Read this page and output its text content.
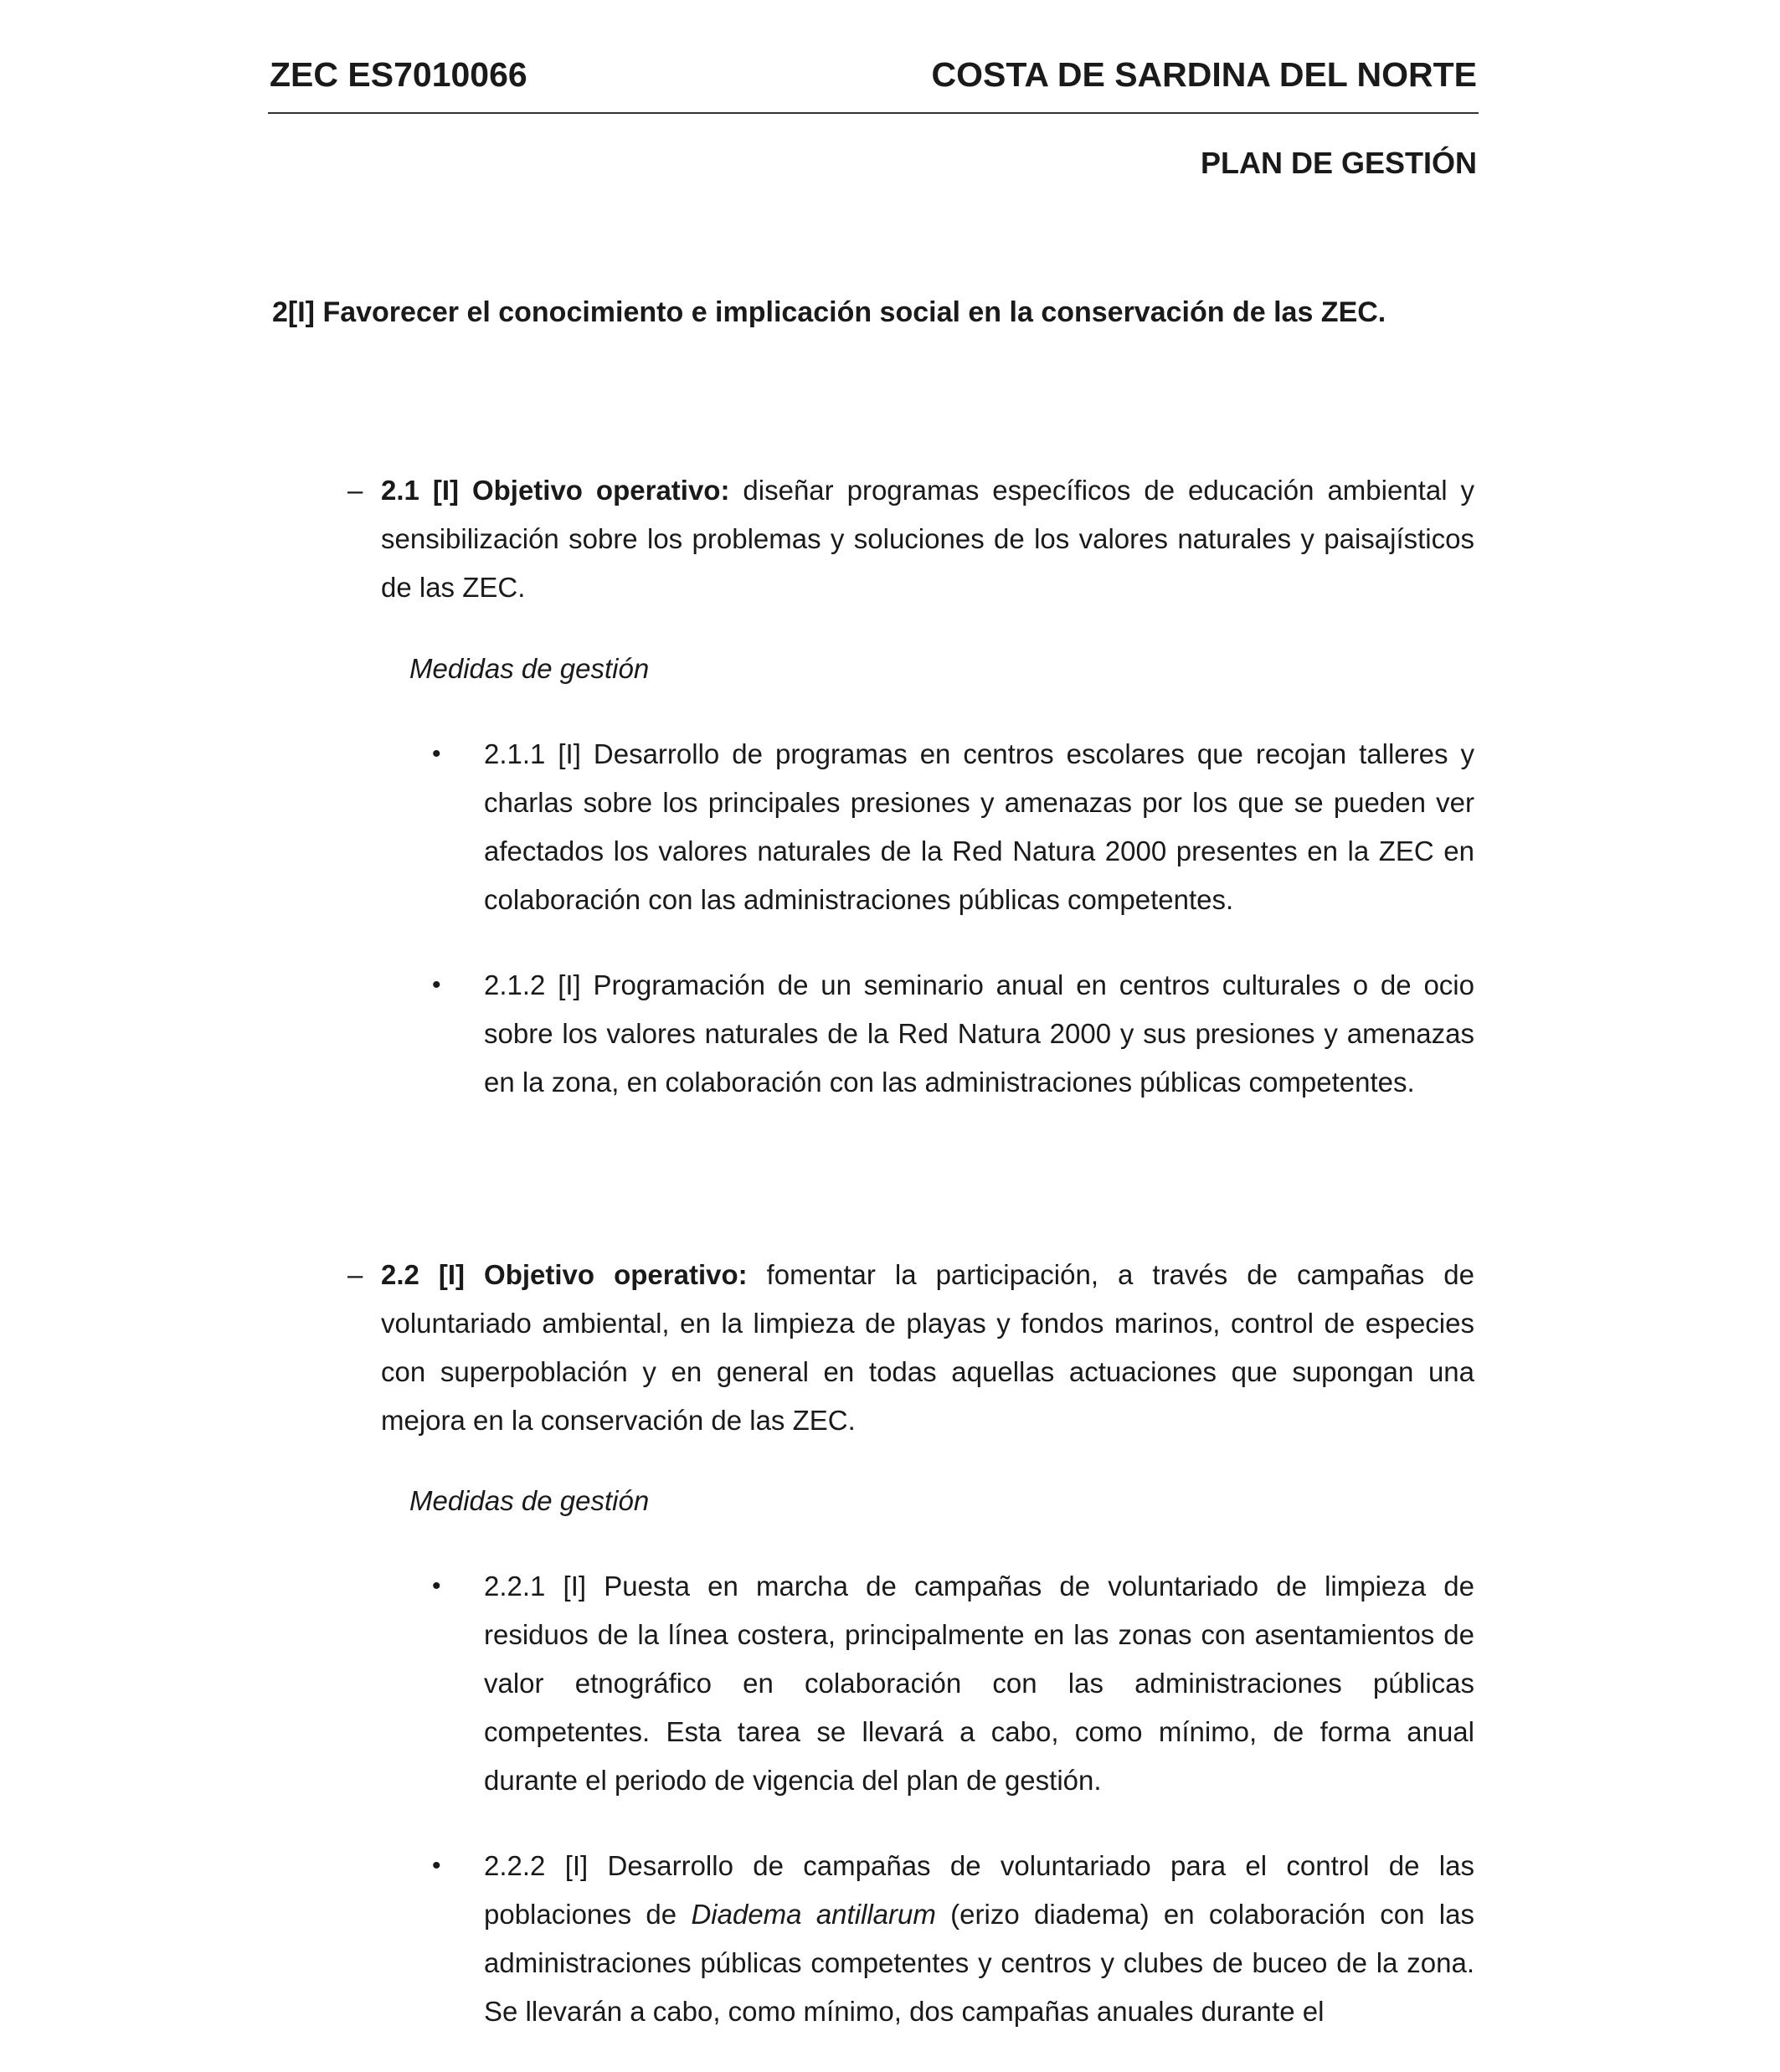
ZEC ES7010066	COSTA DE SARDINA DEL NORTE
PLAN DE GESTIÓN
2[I] Favorecer el conocimiento e implicación social en la conservación de las ZEC.
– 2.1 [I] Objetivo operativo: diseñar programas específicos de educación ambiental y sensibilización sobre los problemas y soluciones de los valores naturales y paisajísticos de las ZEC.
Medidas de gestión
• 2.1.1 [I] Desarrollo de programas en centros escolares que recojan talleres y charlas sobre los principales presiones y amenazas por los que se pueden ver afectados los valores naturales de la Red Natura 2000 presentes en la ZEC en colaboración con las administraciones públicas competentes.
• 2.1.2 [I] Programación de un seminario anual en centros culturales o de ocio sobre los valores naturales de la Red Natura 2000 y sus presiones y amenazas en la zona, en colaboración con las administraciones públicas competentes.
– 2.2 [I] Objetivo operativo: fomentar la participación, a través de campañas de voluntariado ambiental, en la limpieza de playas y fondos marinos, control de especies con superpoblación y en general en todas aquellas actuaciones que supongan una mejora en la conservación de las ZEC.
Medidas de gestión
• 2.2.1 [I] Puesta en marcha de campañas de voluntariado de limpieza de residuos de la línea costera, principalmente en las zonas con asentamientos de valor etnográfico en colaboración con las administraciones públicas competentes. Esta tarea se llevará a cabo, como mínimo, de forma anual durante el periodo de vigencia del plan de gestión.
• 2.2.2 [I] Desarrollo de campañas de voluntariado para el control de las poblaciones de Diadema antillarum (erizo diadema) en colaboración con las administraciones públicas competentes y centros y clubes de buceo de la zona. Se llevarán a cabo, como mínimo, dos campañas anuales durante el
